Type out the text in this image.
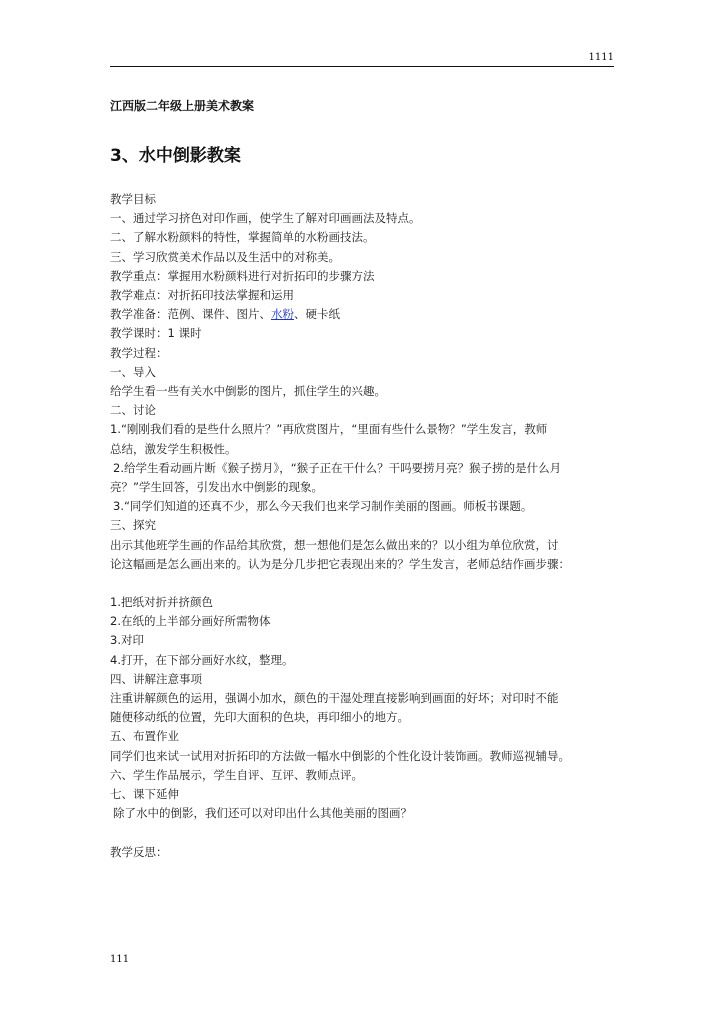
1111
江西版二年级上册美术教案
3、水中倒影教案

教学目标

一、通过学习挤色对印作画，使学生了解对印画画法及特点。

二、了解水粉颜料的特性，掌握简单的水粉画技法。

三、学习欣赏美术作品以及生活中的对称美。

教学重点：掌握用水粉颜料进行对折拓印的步骤方法

教学难点：对折拓印技法掌握和运用

教学准备：范例、课件、图片、水粉、硬卡纸

教学课时：1 课时

教学过程：

一、导入

给学生看一些有关水中倒影的图片，抓住学生的兴趣。

二、讨论

1.“刚刚我们看的是些什么照片？”再欣赏图片，“里面有些什么景物？”学生发言，教师

总结，激发学生积极性。

2.给学生看动画片断《猴子捞月》，“猴子正在干什么？干吗要捞月亮？猴子捞的是什么月

亮？”学生回答，引发出水中倒影的现象。

3.“同学们知道的还真不少，那么今天我们也来学习制作美丽的图画。师板书课题。

三、探究

出示其他班学生画的作品给其欣赏，想一想他们是怎么做出来的？以小组为单位欣赏，讨

论这幅画是怎么画出来的。认为是分几步把它表现出来的？学生发言，老师总结作画步骤：

1.把纸对折并挤颜色

2.在纸的上半部分画好所需物体

3.对印

4.打开，在下部分画好水纹，整理。

四、讲解注意事项

注重讲解颜色的运用，强调小加水，颜色的干湿处理直接影响到画面的好坏；对印时不能

随便移动纸的位置，先印大面积的色块，再印细小的地方。

五、布置作业

同学们也来试一试用对折拓印的方法做一幅水中倒影的个性化设计装饰画。教师巡视辅导。

六、学生作品展示，学生自评、互评、教师点评。

七、课下延伸

除了水中的倒影，我们还可以对印出什么其他美丽的图画？

教学反思：

111
